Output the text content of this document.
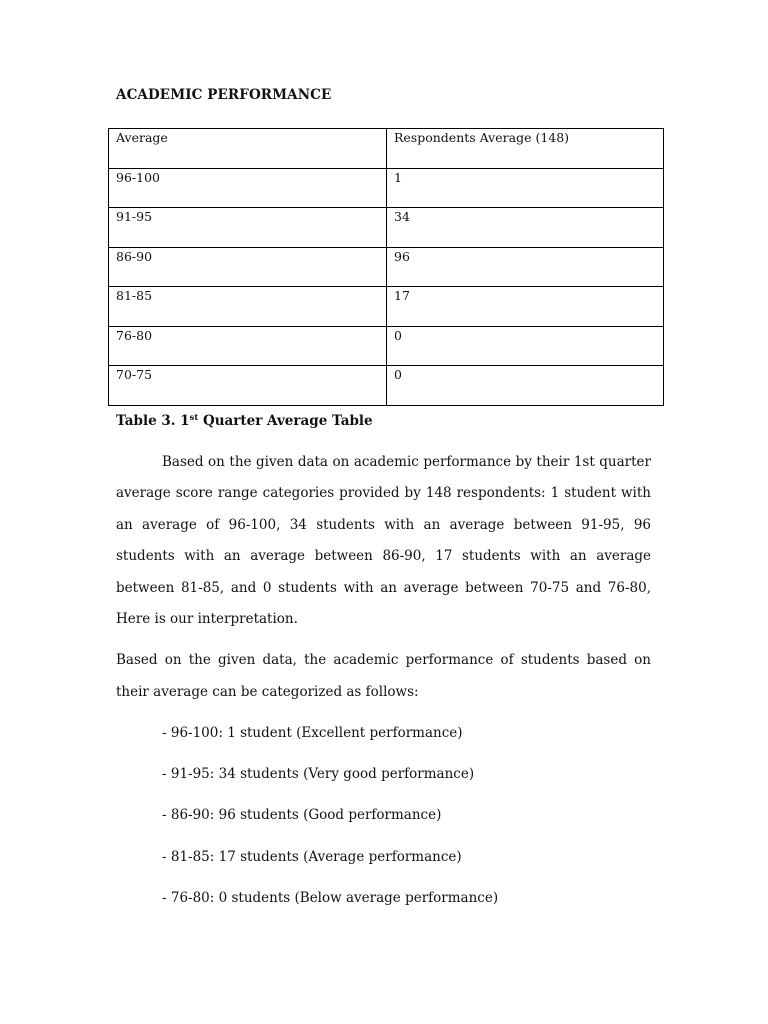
ACADEMIC PERFORMANCE
Average	Respondents Average (148)
96-100	1
91-95	34
86-90	96
81-85	17
76-80	0
70-75	0
Table 3. 1st Quarter Average Table

Based on the given data on academic performance by their 1st quarter average score range categories provided by 148 respondents: 1 student with an average of 96-100, 34 students with an average between 91-95, 96 students with an average between 86-90, 17 students with an average between 81-85, and 0 students with an average between 70-75 and 76-80, Here is our interpretation.

Based on the given data, the academic performance of students based on their average can be categorized as follows:

- 96-100: 1 student (Excellent performance)
- 91-95: 34 students (Very good performance)
- 86-90: 96 students (Good performance)
- 81-85: 17 students (Average performance)
- 76-80: 0 students (Below average performance)
